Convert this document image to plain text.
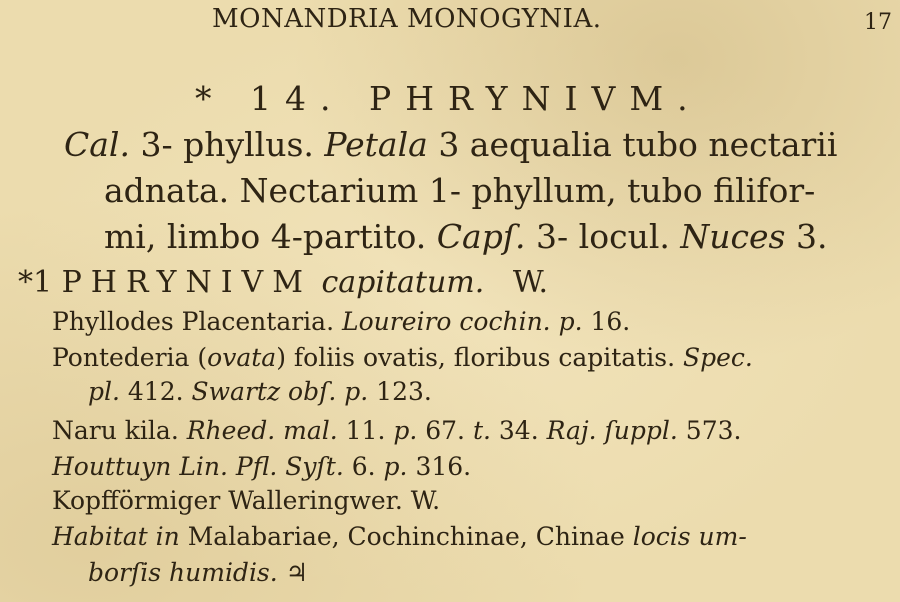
MONANDRIA MONOGYNIA.	17
* 14. PHRYNIVM.
Cal. 3- phyllus. Petala 3 aequalia tubo nectarii
adnata. Nectarium 1- phyllum, tubo filifor-
mi, limbo 4-partito. Capſ. 3- locul. Nuces 3.
*1 PHRYNIVM capitatum. W.
Phyllodes Placentaria. Loureiro cochin. p. 16.
Pontederia (ovata) foliis ovatis, floribus capitatis. Spec.
pl. 412. Swartz obſ. p. 123.
Naru kila. Rheed. mal. 11. p. 67. t. 34. Raj. ſuppl. 573.
Houttuyn Lin. Pfl. Syſt. 6. p. 316.
Kopfförmiger Walleringwer. W.
Habitat in Malabariae, Cochinchinae, Chinae locis um-
borſis humidis. ♃
